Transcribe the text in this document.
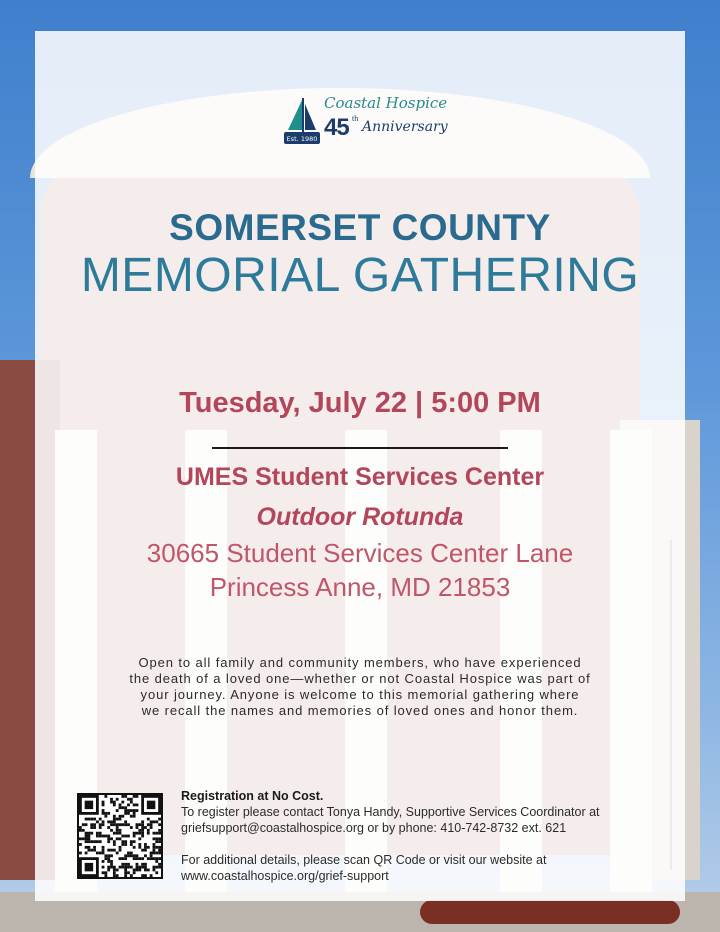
Est. 1980
Coastal Hospice
45 th
Anniversary
SOMERSET COUNTY
MEMORIAL GATHERING
Tuesday, July 22 | 5:00 PM
UMES Student Services Center
Outdoor Rotunda
30665 Student Services Center Lane
Princess Anne, MD 21853
Open to all family and community members, who have experienced
the death of a loved one—whether or not Coastal Hospice was part of
your journey. Anyone is welcome to this memorial gathering where
we recall the names and memories of loved ones and honor them.

Registration at No Cost.

To register please contact Tonya Handy, Supportive Services Coordinator at

griefsupport@coastalhospice.org or by phone: 410-742-8732 ext. 621

For additional details, please scan QR Code or visit our website at

www.coastalhospice.org/grief-support
